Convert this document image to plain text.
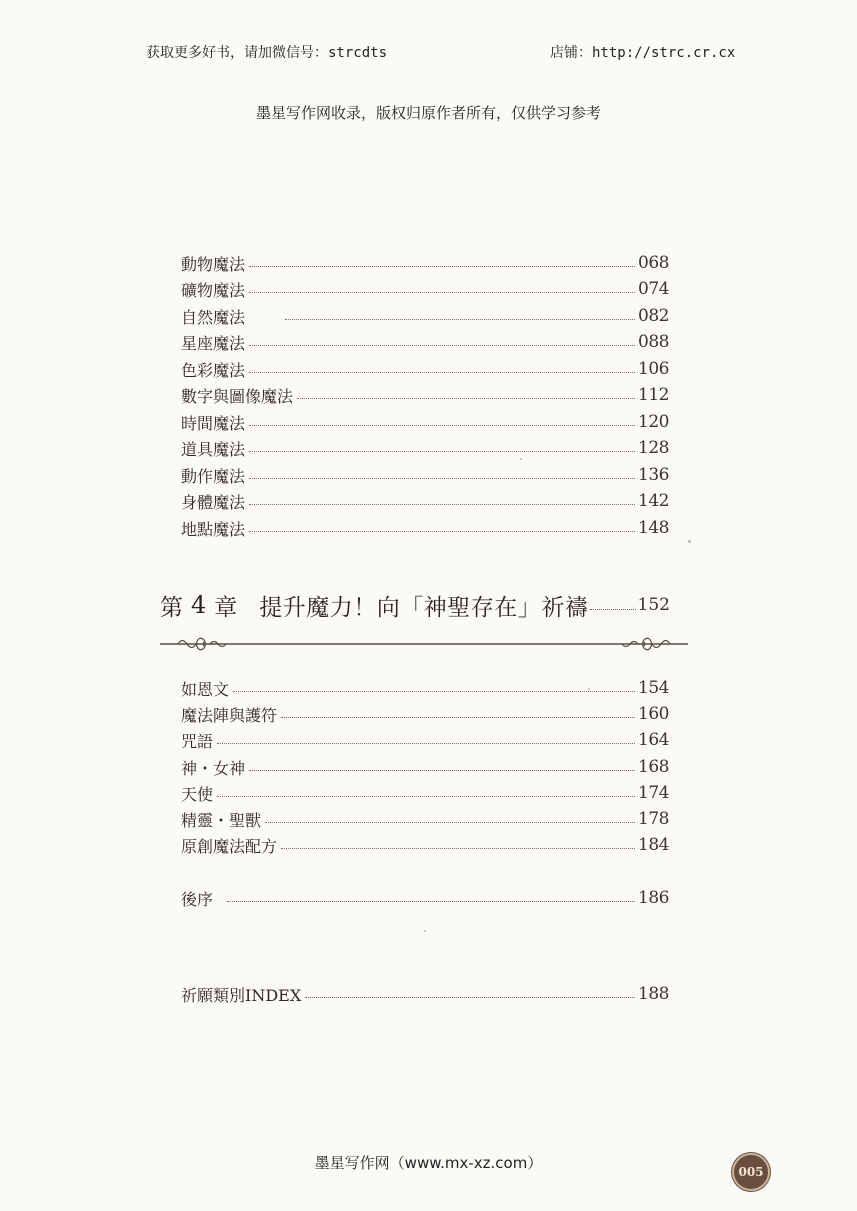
获取更多好书，请加微信号：strcdts	店铺：http://strc.cr.cx
墨星写作网收录，版权归原作者所有，仅供学习参考
動物魔法	068
礦物魔法	074
自然魔法	082
星座魔法	088
色彩魔法	106
數字與圖像魔法	112
時間魔法	120
道具魔法	128
動作魔法	136
身體魔法	142
地點魔法	148
第 4 章 提升魔力！向「神聖存在」祈禱	152
如恩文	154
魔法陣與護符	160
咒語	164
神・女神	168
天使	174
精靈・聖獸	178
原創魔法配方	184
後序	186
祈願類別INDEX	188
墨星写作网（www.mx-xz.com）	005
